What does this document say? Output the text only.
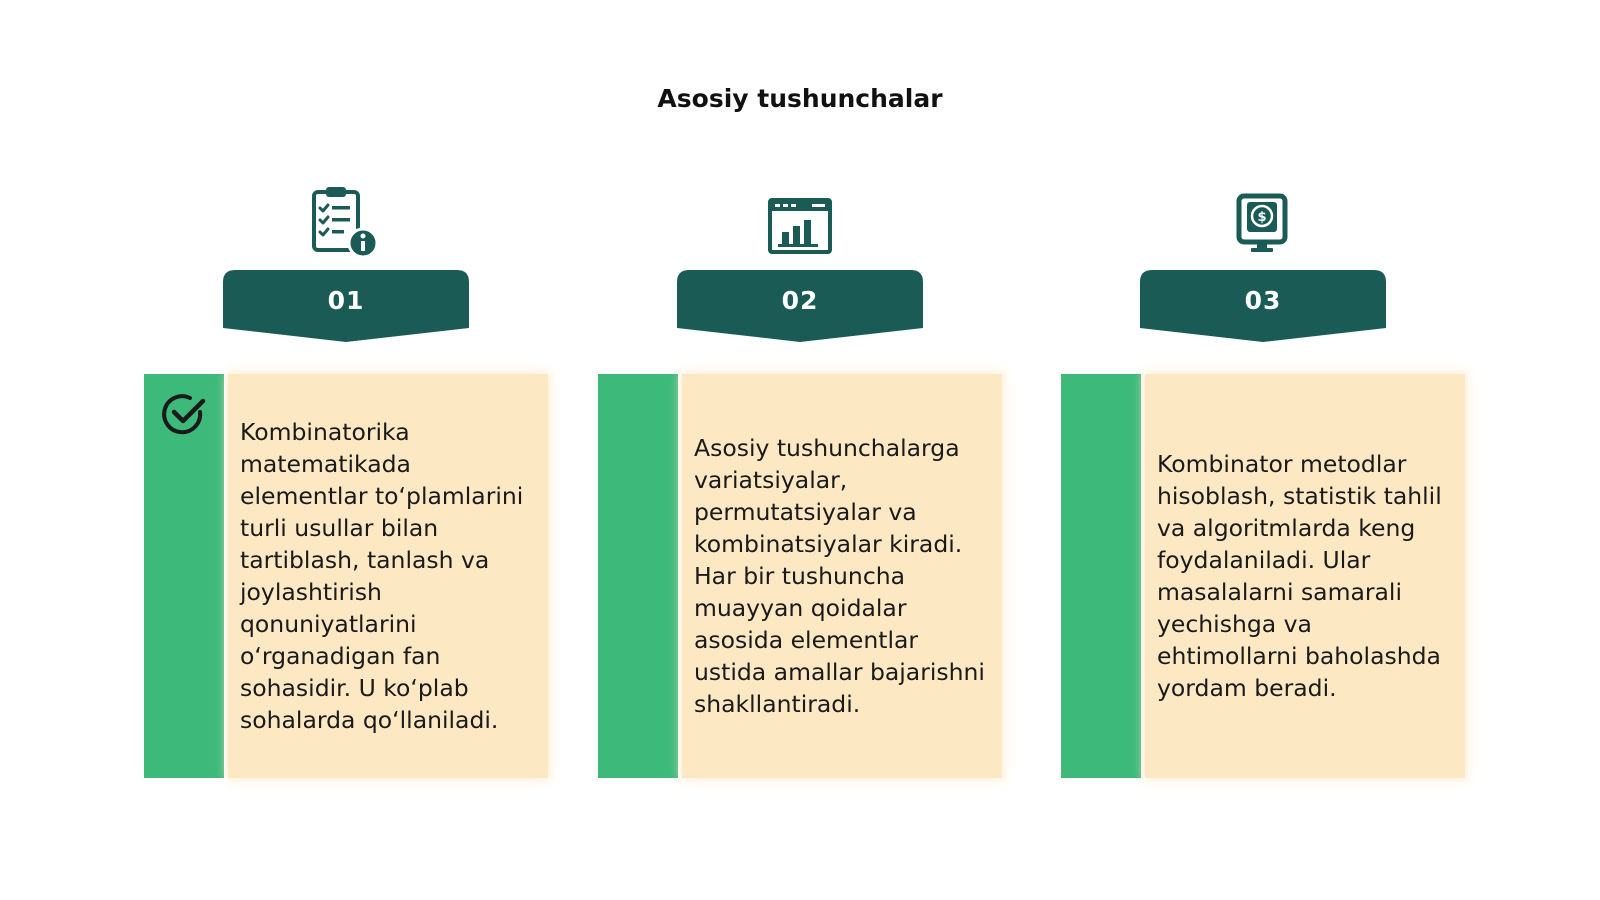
Asosiy tushunchalar
01

Kombinatorika matematikada elementlar to‘plamlarini turli usullar bilan tartiblash, tanlash va joylashtirish qonuniyatlarini o‘rganadigan fan sohasidir. U ko‘plab sohalarda qo‘llaniladi.

02

Asosiy tushunchalarga variatsiyalar, permutatsiyalar va kombinatsiyalar kiradi. Har bir tushuncha muayyan qoidalar asosida elementlar ustida amallar bajarishni shakllantiradi.

$
03

Kombinator metodlar hisoblash, statistik tahlil va algoritmlarda keng foydalaniladi. Ular masalalarni samarali yechishga va ehtimollarni baholashda yordam beradi.
